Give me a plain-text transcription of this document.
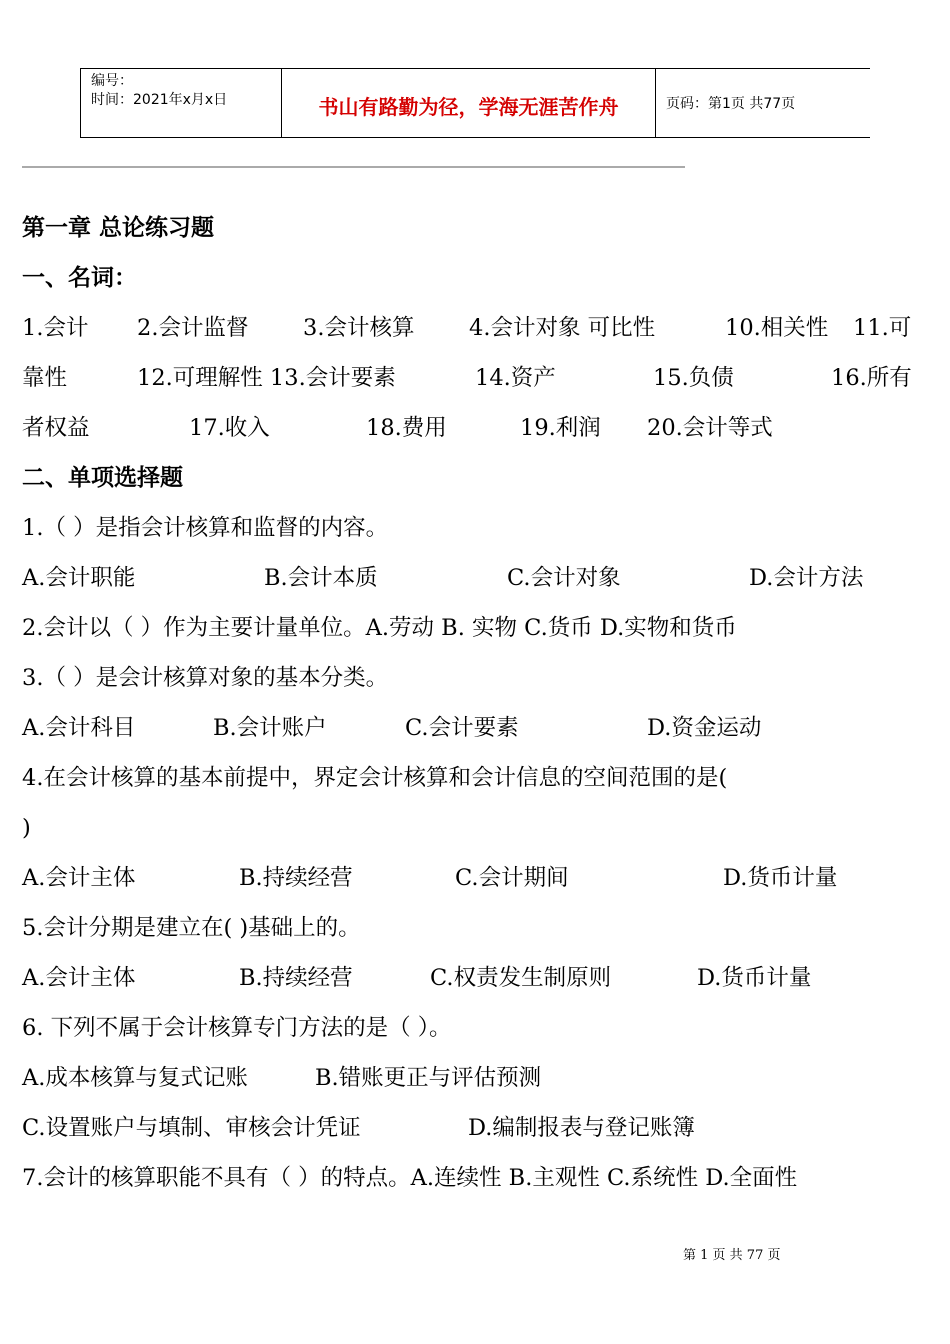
编号：
时间：2021年x月x日	书山有路勤为径，学海无涯苦作舟	页码：第1页 共77页
第一章 总论练习题
一、名词：
1.会计 2.会计监督 3.会计核算 4.会计对象 可比性	10.相关性 11.可
靠性	12.可理解性 13.会计要素	14.资产	15.负债	16.所有
者权益	17.收入	18.费用	19.利润 20.会计等式
二、单项选择题
1.（ ）是指会计核算和监督的内容。
A.会计职能	B.会计本质	C.会计对象	D.会计方法
2.会计以（ ）作为主要计量单位。A.劳动 B. 实物 C.货币 D.实物和货币
3.（ ）是会计核算对象的基本分类。
A.会计科目	B.会计账户	C.会计要素	D.资金运动
4.在会计核算的基本前提中，界定会计核算和会计信息的空间范围的是(
)
A.会计主体	B.持续经营	C.会计期间	D.货币计量
5.会计分期是建立在( )基础上的。
A.会计主体	B.持续经营	C.权责发生制原则	D.货币计量
6. 下列不属于会计核算专门方法的是（ ）。
A.成本核算与复式记账	B.错账更正与评估预测
C.设置账户与填制、审核会计凭证	D.编制报表与登记账簿
7.会计的核算职能不具有（ ）的特点。A.连续性 B.主观性 C.系统性 D.全面性
第 1 页 共 77 页
